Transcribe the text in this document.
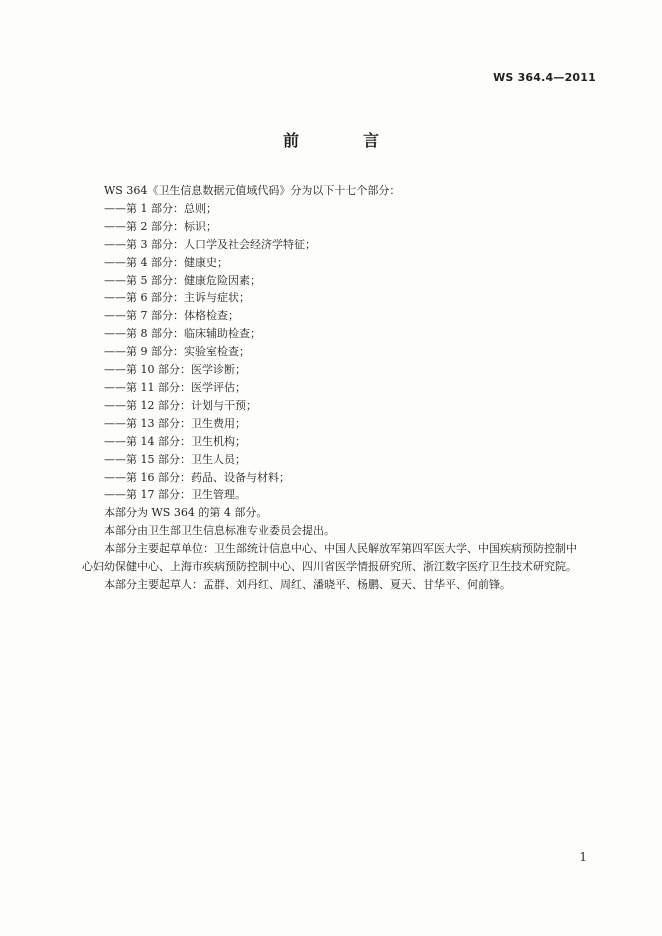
WS 364.4—2011
前　言
WS 364《卫生信息数据元值域代码》分为以下十七个部分：
——第 1 部分：总则；
——第 2 部分：标识；
——第 3 部分：人口学及社会经济学特征；
——第 4 部分：健康史；
——第 5 部分：健康危险因素；
——第 6 部分：主诉与症状；
——第 7 部分：体格检查；
——第 8 部分：临床辅助检查；
——第 9 部分：实验室检查；
——第 10 部分：医学诊断；
——第 11 部分：医学评估；
——第 12 部分：计划与干预；
——第 13 部分：卫生费用；
——第 14 部分：卫生机构；
——第 15 部分：卫生人员；
——第 16 部分：药品、设备与材料；
——第 17 部分：卫生管理。
本部分为 WS 364 的第 4 部分。
本部分由卫生部卫生信息标准专业委员会提出。
本部分主要起草单位：卫生部统计信息中心、中国人民解放军第四军医大学、中国疾病预防控制中
心妇幼保健中心、上海市疾病预防控制中心、四川省医学情报研究所、浙江数字医疗卫生技术研究院。
本部分主要起草人：孟群、刘丹红、周红、潘晓平、杨鹏、夏天、甘华平、何前锋。
1
